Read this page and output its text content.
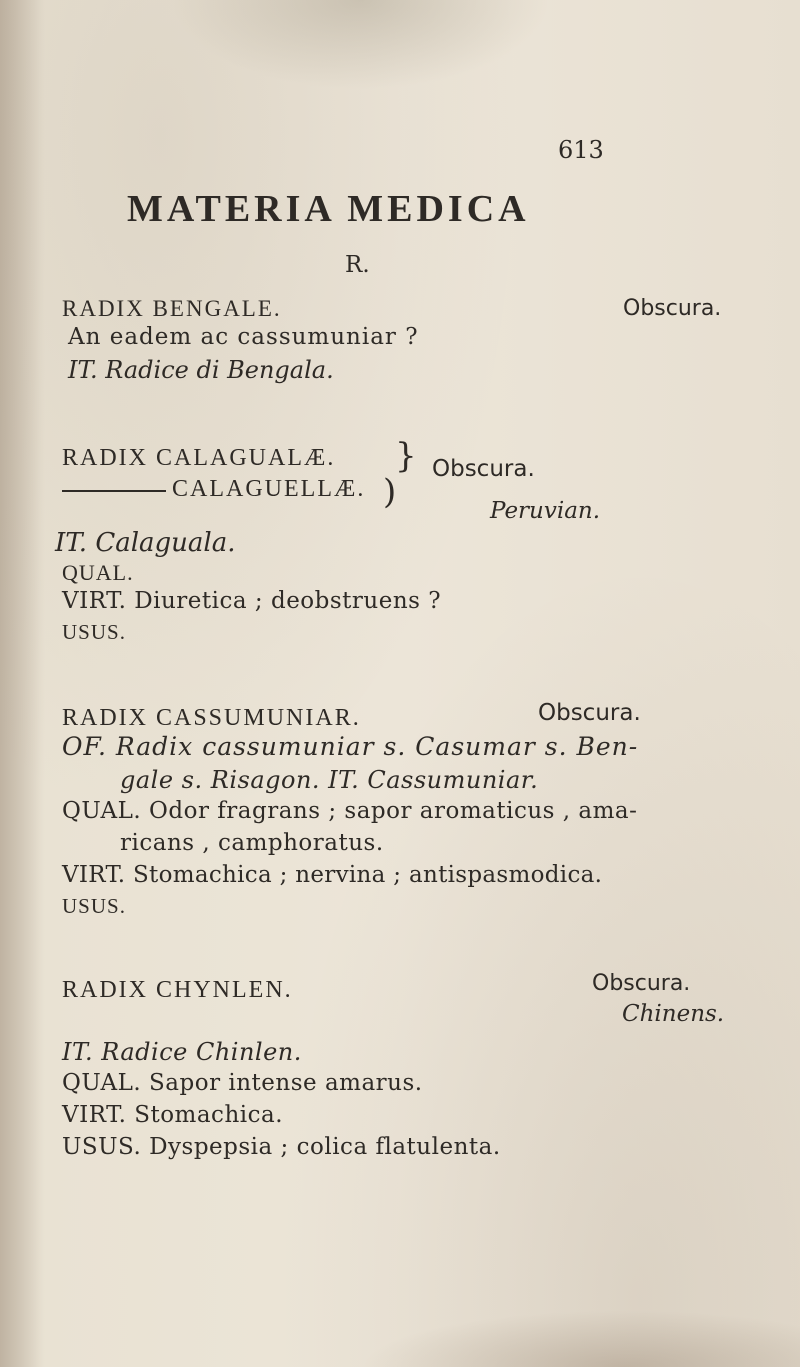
613
MATERIA MEDICA
R.
RADIX BENGALE.	Obscura.
An eadem ac cassumuniar ?
IT. Radice di Bengala.
RADIX CALAGUALÆ.
CALAGUELLÆ.
}
)
Obscura.
Peruvian.
IT. Calaguala.
QUAL.
VIRT. Diuretica ; deobstruens ?
USUS.
RADIX CASSUMUNIAR.	Obscura.
OF. Radix cassumuniar s. Casumar s. Ben-
gale s. Risagon. IT. Cassumuniar.
QUAL. Odor fragrans ; sapor aromaticus , ama-
ricans , camphoratus.
VIRT. Stomachica ; nervina ; antispasmodica.
USUS.
RADIX CHYNLEN.	Obscura.
Chinens.
IT. Radice Chinlen.
QUAL. Sapor intense amarus.
VIRT. Stomachica.
USUS. Dyspepsia ; colica flatulenta.
